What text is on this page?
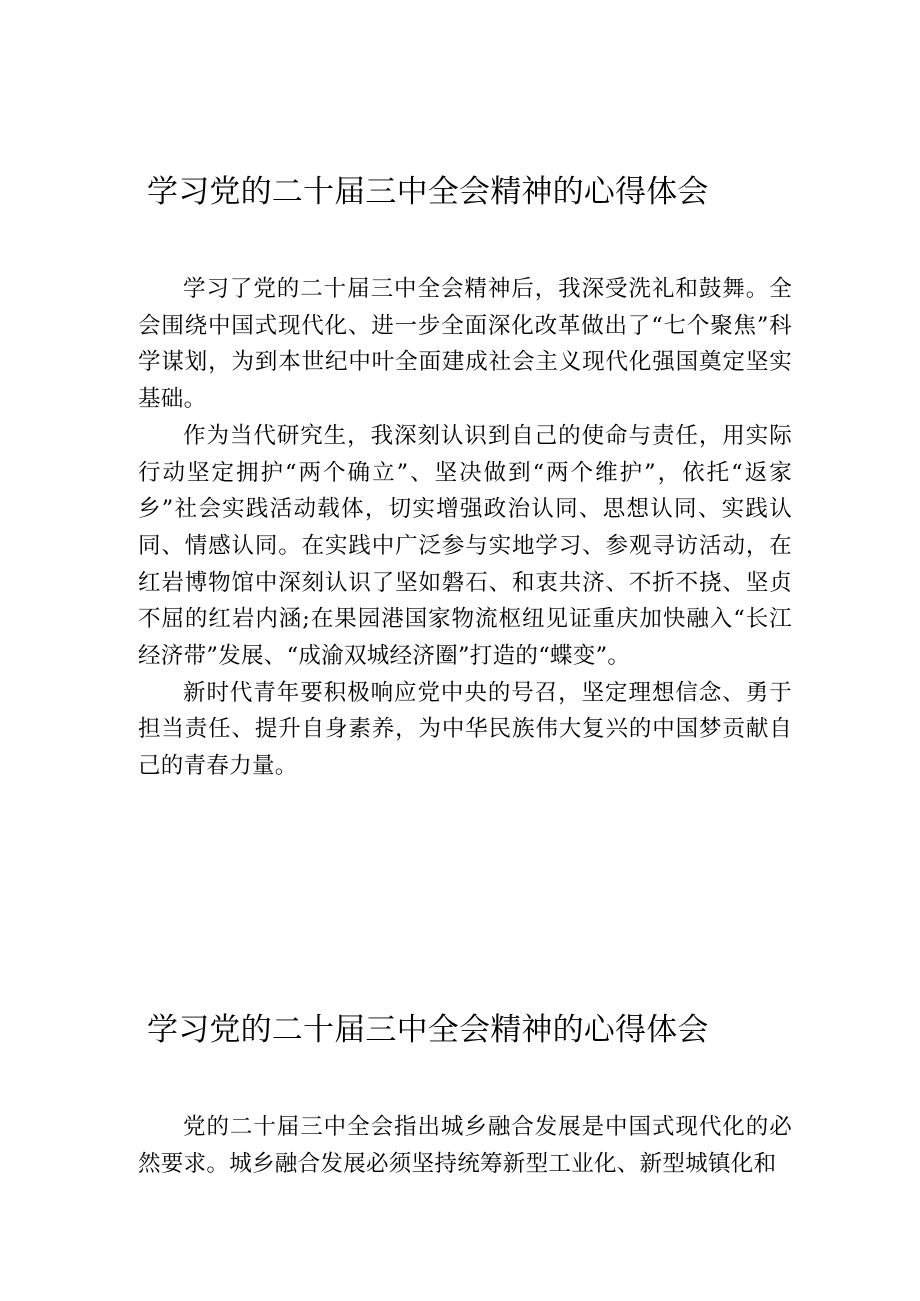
学习党的二十届三中全会精神的心得体会

学习了党的二十届三中全会精神后，我深受洗礼和鼓舞。全会围绕中国式现代化、进一步全面深化改革做出了“七个聚焦”科学谋划，为到本世纪中叶全面建成社会主义现代化强国奠定坚实基础。

作为当代研究生，我深刻认识到自己的使命与责任，用实际行动坚定拥护“两个确立”、坚决做到“两个维护”，依托“返家乡”社会实践活动载体，切实增强政治认同、思想认同、实践认同、情感认同。在实践中广泛参与实地学习、参观寻访活动，在红岩博物馆中深刻认识了坚如磐石、和衷共济、不折不挠、坚贞不屈的红岩内涵;在果园港国家物流枢纽见证重庆加快融入“长江经济带”发展、“成渝双城经济圈”打造的“蝶变”。

新时代青年要积极响应党中央的号召，坚定理想信念、勇于担当责任、提升自身素养，为中华民族伟大复兴的中国梦贡献自己的青春力量。

学习党的二十届三中全会精神的心得体会

党的二十届三中全会指出城乡融合发展是中国式现代化的必然要求。城乡融合发展必须坚持统筹新型工业化、新型城镇化和
